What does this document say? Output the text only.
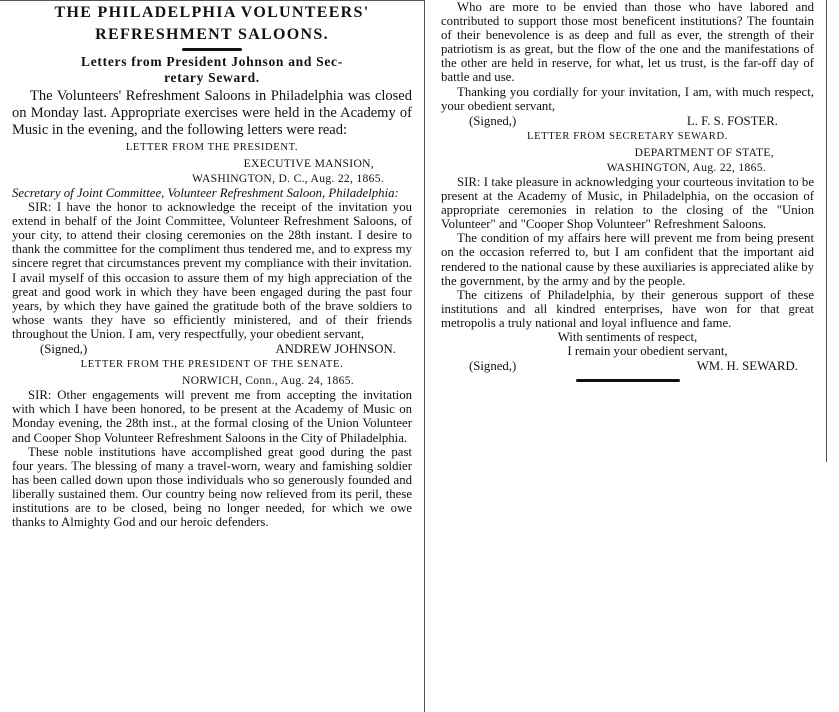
THE PHILADELPHIA VOLUNTEERS'

REFRESHMENT SALOONS.

Letters from President Johnson and Sec-

retary Seward.

The Volunteers' Refreshment Saloons in Philadelphia was closed on Monday last. Appropriate exercises were held in the Academy of Music in the evening, and the following letters were read:

LETTER FROM THE PRESIDENT.

EXECUTIVE MANSION,

WASHINGTON, D. C., Aug. 22, 1865.

Secretary of Joint Committee, Volunteer Refreshment Saloon, Philadelphia:

SIR: I have the honor to acknowledge the receipt of the invitation you extend in behalf of the Joint Committee, Volunteer Refreshment Saloons, of your city, to attend their closing ceremonies on the 28th instant. I desire to thank the committee for the compliment thus tendered me, and to express my sincere regret that circumstances prevent my compliance with their invitation. I avail myself of this occasion to assure them of my high appreciation of the great and good work in which they have been engaged during the past four years, by which they have gained the gratitude both of the brave soldiers to whose wants they have so efficiently ministered, and of their friends throughout the Union. I am, very respectfully, your obedient servant,

(Signed,)	ANDREW JOHNSON.

LETTER FROM THE PRESIDENT OF THE SENATE.

NORWICH, Conn., Aug. 24, 1865.

SIR: Other engagements will prevent me from accepting the invitation with which I have been honored, to be present at the Academy of Music on Monday evening, the 28th inst., at the formal closing of the Union Volunteer and Cooper Shop Volunteer Refreshment Saloons in the City of Philadelphia.

These noble institutions have accomplished great good during the past four years. The blessing of many a travel-worn, weary and famishing soldier has been called down upon those individuals who so generously founded and liberally sustained them. Our country being now relieved from its peril, these institutions are to be closed, being no longer needed, for which we owe thanks to Almighty God and our heroic defenders.

Who are more to be envied than those who have labored and contributed to support those most beneficent institutions? The fountain of their benevolence is as deep and full as ever, the strength of their patriotism is as great, but the flow of the one and the manifestations of the other are held in reserve, for what, let us trust, is the far-off day of battle and use.

Thanking you cordially for your invitation, I am, with much respect, your obedient servant,

(Signed,)	L. F. S. FOSTER.

LETTER FROM SECRETARY SEWARD.

DEPARTMENT OF STATE,

WASHINGTON, Aug. 22, 1865.

SIR: I take pleasure in acknowledging your courteous invitation to be present at the Academy of Music, in Philadelphia, on the occasion of appropriate ceremonies in relation to the closing of the "Union Volunteer" and "Cooper Shop Volunteer" Refreshment Saloons.

The condition of my affairs here will prevent me from being present on the occasion referred to, but I am confident that the important aid rendered to the national cause by these auxiliaries is appreciated alike by the government, by the army and by the people.

The citizens of Philadelphia, by their generous support of these institutions and all kindred enterprises, have won for that great metropolis a truly national and loyal influence and fame.

With sentiments of respect,

I remain your obedient servant,

(Signed,)	WM. H. SEWARD.
